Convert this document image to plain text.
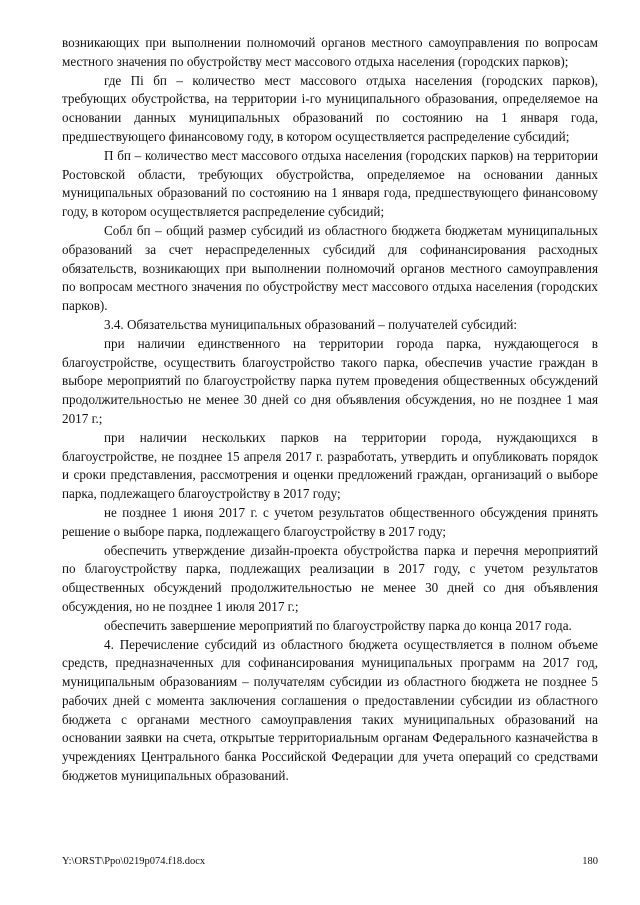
возникающих при выполнении полномочий органов местного самоуправления по вопросам местного значения по обустройству мест массового отдыха населения (городских парков);

где Пі бп – количество мест массового отдыха населения (городских парков), требующих обустройства, на территории і-го муниципального образования, определяемое на основании данных муниципальных образований по состоянию на 1 января года, предшествующего финансовому году, в котором осуществляется распределение субсидий;

П бп – количество мест массового отдыха населения (городских парков) на территории Ростовской области, требующих обустройства, определяемое на основании данных муниципальных образований по состоянию на 1 января года, предшествующего финансовому году, в котором осуществляется распределение субсидий;

Собл бп – общий размер субсидий из областного бюджета бюджетам муниципальных образований за счет нераспределенных субсидий для софинансирования расходных обязательств, возникающих при выполнении полномочий органов местного самоуправления по вопросам местного значения по обустройству мест массового отдыха населения (городских парков).

3.4. Обязательства муниципальных образований – получателей субсидий:

при наличии единственного на территории города парка, нуждающегося в благоустройстве, осуществить благоустройство такого парка, обеспечив участие граждан в выборе мероприятий по благоустройству парка путем проведения общественных обсуждений продолжительностью не менее 30 дней со дня объявления обсуждения, но не позднее 1 мая 2017 г.;

при наличии нескольких парков на территории города, нуждающихся в благоустройстве, не позднее 15 апреля 2017 г. разработать, утвердить и опубликовать порядок и сроки представления, рассмотрения и оценки предложений граждан, организаций о выборе парка, подлежащего благоустройству в 2017 году;

не позднее 1 июня 2017 г. с учетом результатов общественного обсуждения принять решение о выборе парка, подлежащего благоустройству в 2017 году;

обеспечить утверждение дизайн-проекта обустройства парка и перечня мероприятий по благоустройству парка, подлежащих реализации в 2017 году, с учетом результатов общественных обсуждений продолжительностью не менее 30 дней со дня объявления обсуждения, но не позднее 1 июля 2017 г.;

обеспечить завершение мероприятий по благоустройству парка до конца 2017 года.

4. Перечисление субсидий из областного бюджета осуществляется в полном объеме средств, предназначенных для софинансирования муниципальных программ на 2017 год, муниципальным образованиям – получателям субсидии из областного бюджета не позднее 5 рабочих дней с момента заключения соглашения о предоставлении субсидии из областного бюджета с органами местного самоуправления таких муниципальных образований на основании заявки на счета, открытые территориальным органам Федерального казначейства в учреждениях Центрального банка Российской Федерации для учета операций со средствами бюджетов муниципальных образований.

Y:\ORST\Ppo\0219p074.f18.docx	180
